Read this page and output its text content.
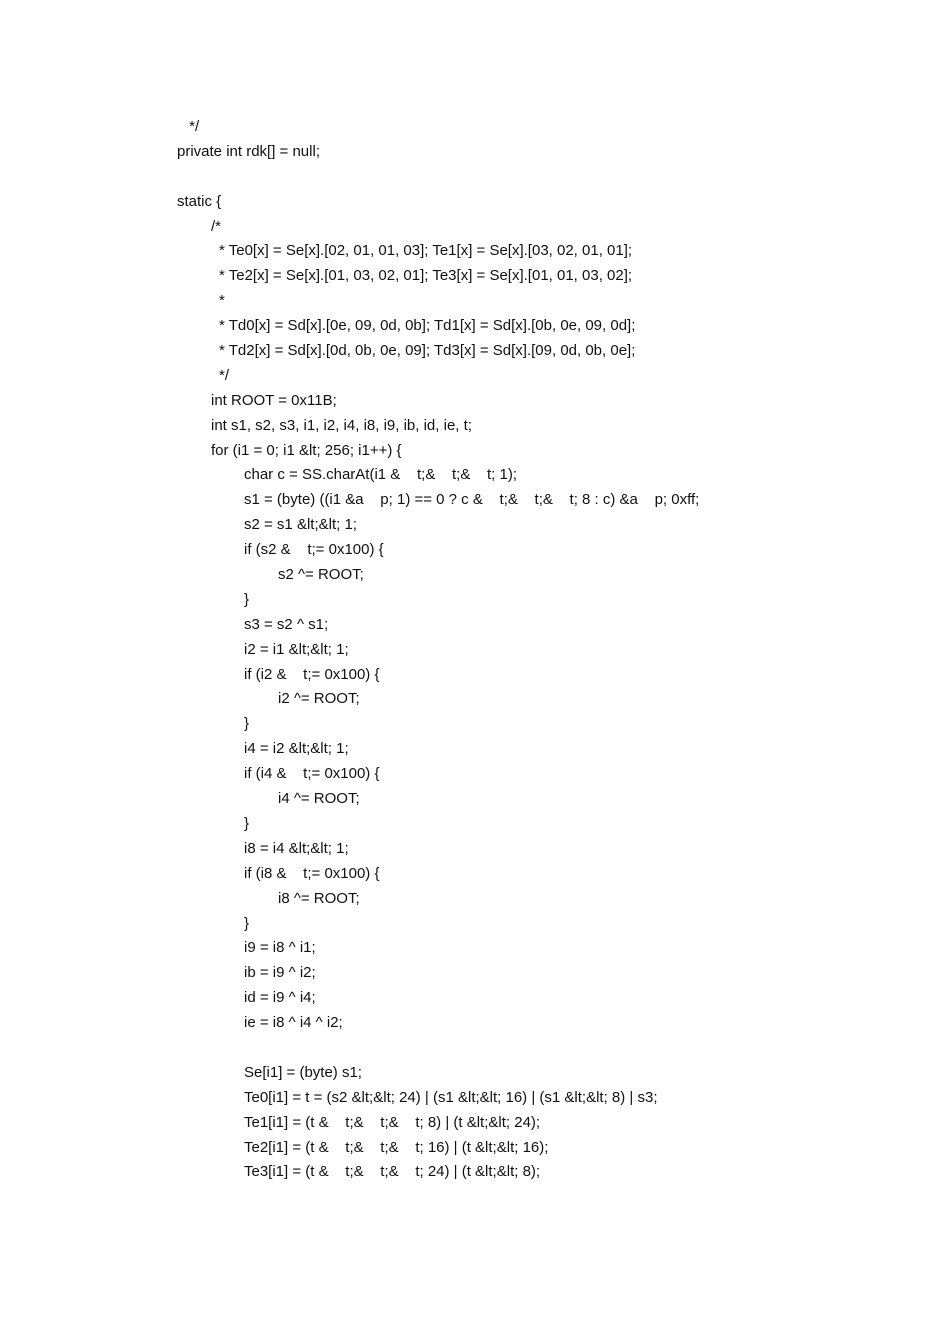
*/
private int rdk[] = null;
static {
/*
* Te0[x] = Se[x].[02, 01, 01, 03]; Te1[x] = Se[x].[03, 02, 01, 01];
* Te2[x] = Se[x].[01, 03, 02, 01]; Te3[x] = Se[x].[01, 01, 03, 02];
*
* Td0[x] = Sd[x].[0e, 09, 0d, 0b]; Td1[x] = Sd[x].[0b, 0e, 09, 0d];
* Td2[x] = Sd[x].[0d, 0b, 0e, 09]; Td3[x] = Sd[x].[09, 0d, 0b, 0e];
*/
int ROOT = 0x11B;
int s1, s2, s3, i1, i2, i4, i8, i9, ib, id, ie, t;
for (i1 = 0; i1 &lt; 256; i1++) {
char c = SS.charAt(i1 &    t;&    t;&    t; 1);
s1 = (byte) ((i1 &a    p; 1) == 0 ? c &    t;&    t;&    t; 8 : c) &a    p; 0xff;
s2 = s1 &lt;&lt; 1;
if (s2 &    t;= 0x100) {
s2 ^= ROOT;
}
s3 = s2 ^ s1;
i2 = i1 &lt;&lt; 1;
if (i2 &    t;= 0x100) {
i2 ^= ROOT;
}
i4 = i2 &lt;&lt; 1;
if (i4 &    t;= 0x100) {
i4 ^= ROOT;
}
i8 = i4 &lt;&lt; 1;
if (i8 &    t;= 0x100) {
i8 ^= ROOT;
}
i9 = i8 ^ i1;
ib = i9 ^ i2;
id = i9 ^ i4;
ie = i8 ^ i4 ^ i2;
Se[i1] = (byte) s1;
Te0[i1] = t = (s2 &lt;&lt; 24) | (s1 &lt;&lt; 16) | (s1 &lt;&lt; 8) | s3;
Te1[i1] = (t &    t;&    t;&    t; 8) | (t &lt;&lt; 24);
Te2[i1] = (t &    t;&    t;&    t; 16) | (t &lt;&lt; 16);
Te3[i1] = (t &    t;&    t;&    t; 24) | (t &lt;&lt; 8);
